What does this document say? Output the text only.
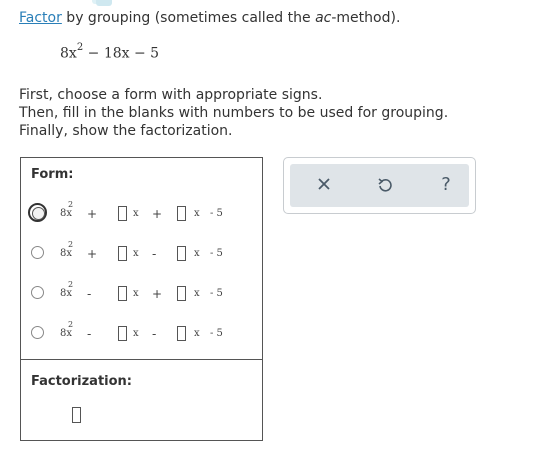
Factor by grouping (sometimes called the ac-method).
$8x^2 - 18x - 5$
First, choose a form with appropriate signs.
Then, fill in the blanks with numbers to be used for grouping.
Finally, show the factorization.
Form:
8x
2
+	x +	x - 5
8x
2
+	x -	x - 5
8x
2
-	x +	x - 5
8x
2
-	x -	x - 5
Factorization:
?
